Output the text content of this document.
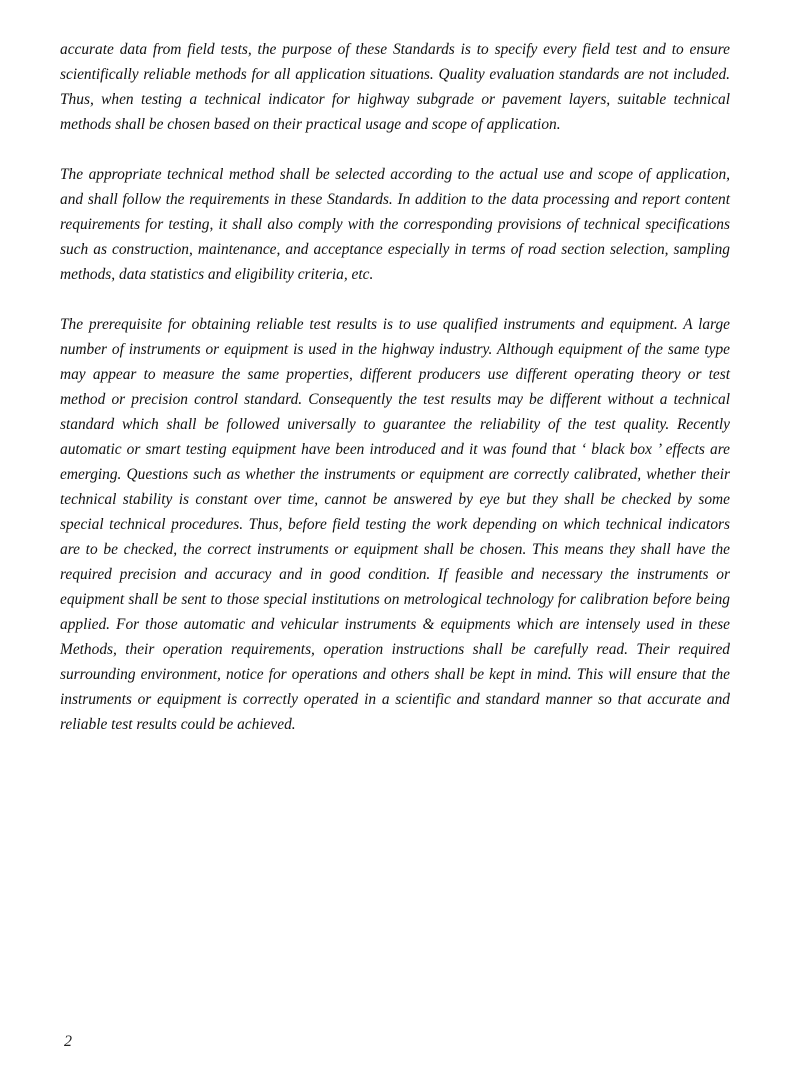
accurate data from field tests, the purpose of these Standards is to specify every field test and to ensure scientifically reliable methods for all application situations. Quality evaluation standards are not included. Thus, when testing a technical indicator for highway subgrade or pavement layers, suitable technical methods shall be chosen based on their practical usage and scope of application.

The appropriate technical method shall be selected according to the actual use and scope of application, and shall follow the requirements in these Standards. In addition to the data processing and report content requirements for testing, it shall also comply with the corresponding provisions of technical specifications such as construction, maintenance, and acceptance especially in terms of road section selection, sampling methods, data statistics and eligibility criteria, etc.

The prerequisite for obtaining reliable test results is to use qualified instruments and equipment. A large number of instruments or equipment is used in the highway industry. Although equipment of the same type may appear to measure the same properties, different producers use different operating theory or test method or precision control standard. Consequently the test results may be different without a technical standard which shall be followed universally to guarantee the reliability of the test quality. Recently automatic or smart testing equipment have been introduced and it was found that ‘ black box ’ effects are emerging. Questions such as whether the instruments or equipment are correctly calibrated, whether their technical stability is constant over time, cannot be answered by eye but they shall be checked by some special technical procedures. Thus, before field testing the work depending on which technical indicators are to be checked, the correct instruments or equipment shall be chosen. This means they shall have the required precision and accuracy and in good condition. If feasible and necessary the instruments or equipment shall be sent to those special institutions on metrological technology for calibration before being applied. For those automatic and vehicular instruments & equipments which are intensely used in these Methods, their operation requirements, operation instructions shall be carefully read. Their required surrounding environment, notice for operations and others shall be kept in mind. This will ensure that the instruments or equipment is correctly operated in a scientific and standard manner so that accurate and reliable test results could be achieved.

2
